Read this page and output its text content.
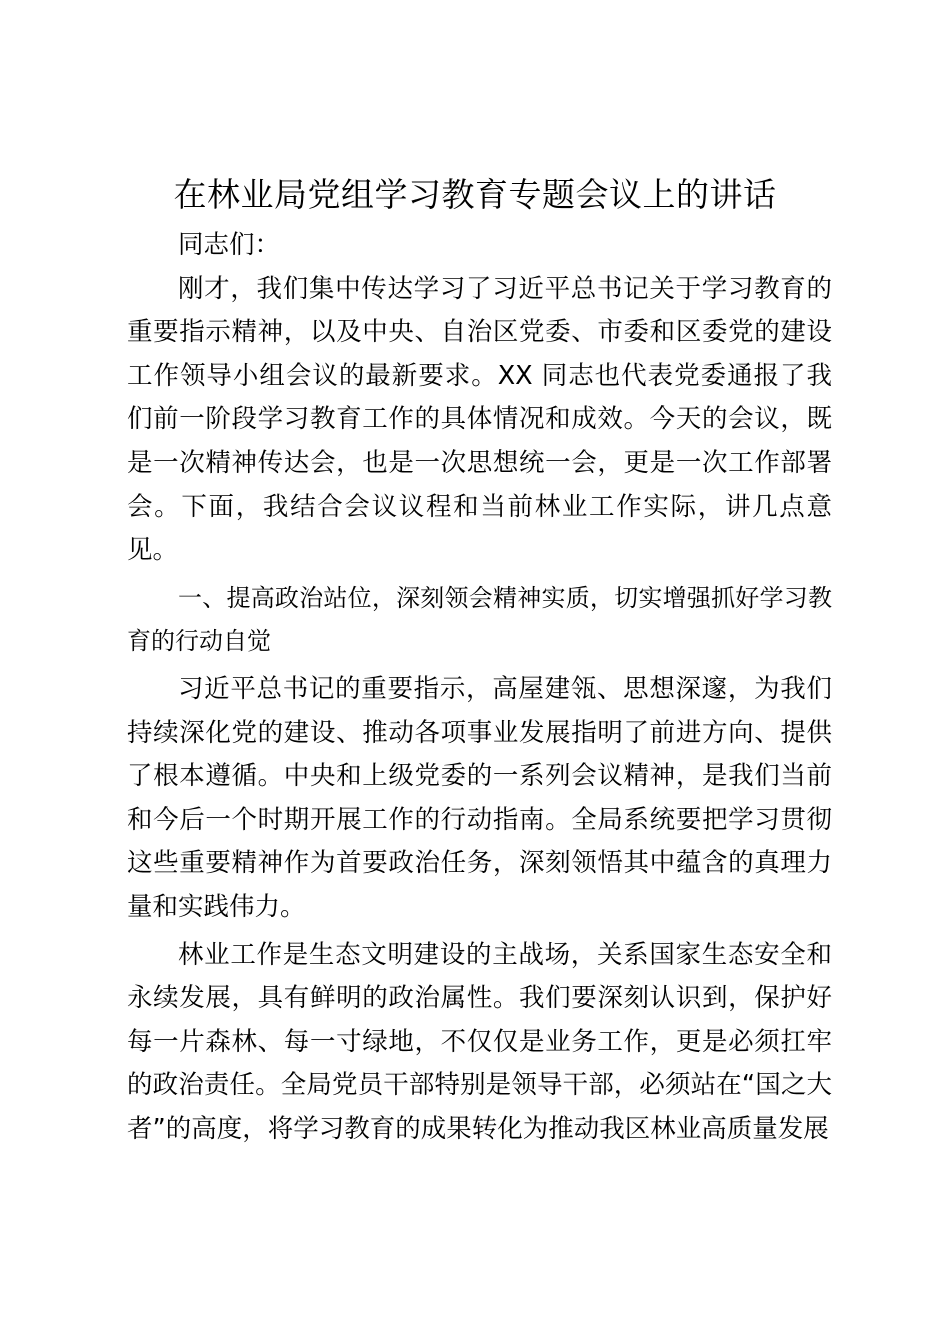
在林业局党组学习教育专题会议上的讲话

同志们：

刚才，我们集中传达学习了习近平总书记关于学习教育的重要指示精神，以及中央、自治区党委、市委和区委党的建设工作领导小组会议的最新要求。XX 同志也代表党委通报了我们前一阶段学习教育工作的具体情况和成效。今天的会议，既是一次精神传达会，也是一次思想统一会，更是一次工作部署会。下面，我结合会议议程和当前林业工作实际，讲几点意见。

一、提高政治站位，深刻领会精神实质，切实增强抓好学习教育的行动自觉

习近平总书记的重要指示，高屋建瓴、思想深邃，为我们持续深化党的建设、推动各项事业发展指明了前进方向、提供了根本遵循。中央和上级党委的一系列会议精神，是我们当前和今后一个时期开展工作的行动指南。全局系统要把学习贯彻这些重要精神作为首要政治任务，深刻领悟其中蕴含的真理力量和实践伟力。

林业工作是生态文明建设的主战场，关系国家生态安全和永续发展，具有鲜明的政治属性。我们要深刻认识到，保护好每一片森林、每一寸绿地，不仅仅是业务工作，更是必须扛牢的政治责任。全局党员干部特别是领导干部，必须站在“国之大者”的高度，将学习教育的成果转化为推动我区林业高质量发展
